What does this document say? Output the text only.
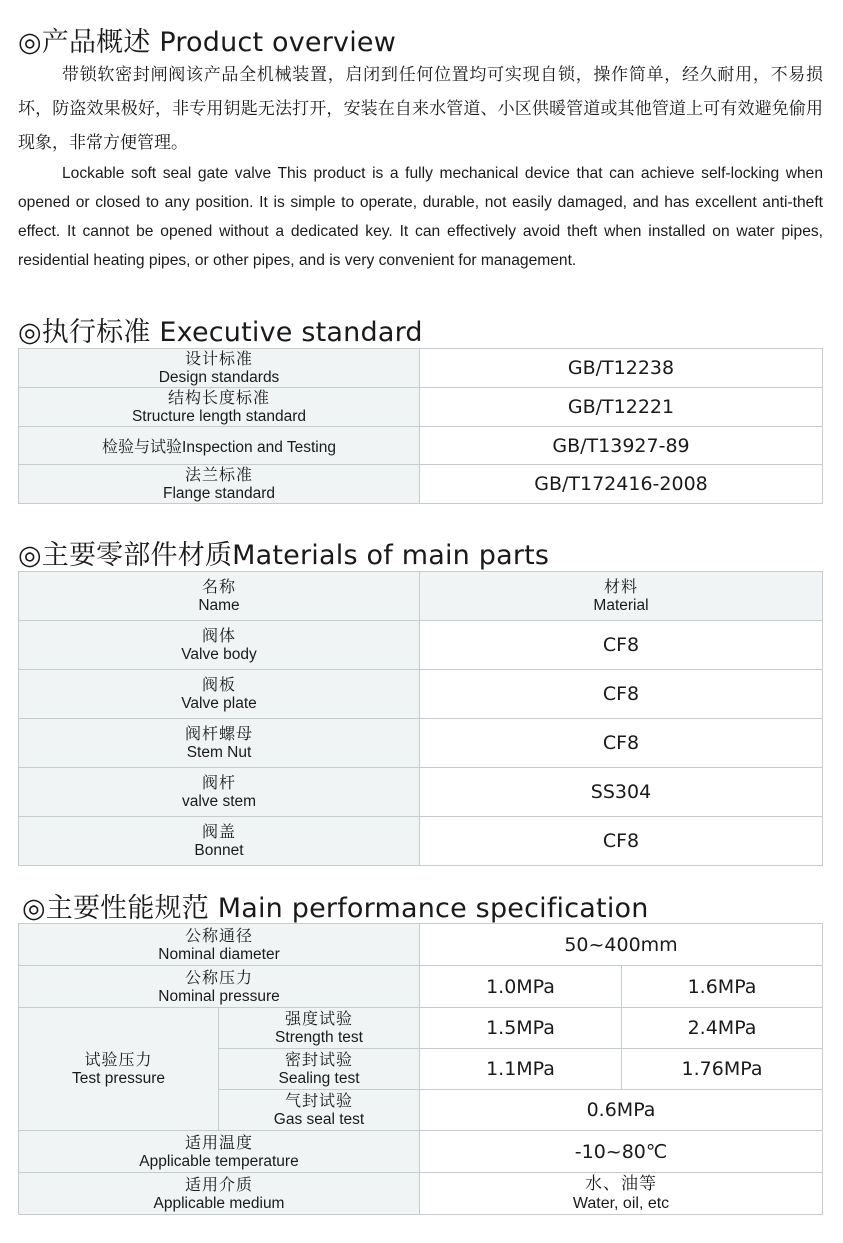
◎产品概述 Product overview

带锁软密封闸阀该产品全机械装置，启闭到任何位置均可实现自锁，操作简单，经久耐用，不易损坏，防盗效果极好，非专用钥匙无法打开，安装在自来水管道、小区供暖管道或其他管道上可有效避免偷用现象，非常方便管理。

Lockable soft seal gate valve This product is a fully mechanical device that can achieve self-locking when opened or closed to any position. It is simple to operate, durable, not easily damaged, and has excellent anti-theft effect. It cannot be opened without a dedicated key. It can effectively avoid theft when installed on water pipes, residential heating pipes, or other pipes, and is very convenient for management.

◎执行标准 Executive standard
设计标准
Design standards	GB/T12238

结构长度标准
Structure length standard	GB/T12221
检验与试验Inspection and Testing	GB/T13927-89

法兰标准
Flange standard	GB/T172416-2008
◎主要零部件材质Materials of main parts
名称
Name	材料
Material

阀体
Valve body	CF8

阀板
Valve plate	CF8

阀杆螺母
Stem Nut	CF8

阀杆
valve stem	SS304

阀盖
Bonnet	CF8
◎主要性能规范 Main performance specification
公称通径
Nominal diameter		50~400mm	

公称压力
Nominal pressure		1.0MPa	1.6MPa

试验压力
Test pressure	强度试验
Strength test	1.5MPa	2.4MPa

	密封试验
Sealing test	1.1MPa	1.76MPa

	气封试验
Gas seal test	0.6MPa	

适用温度
Applicable temperature		-10~80℃	

适用介质
Applicable medium		水、油等
Water, oil, etc	
